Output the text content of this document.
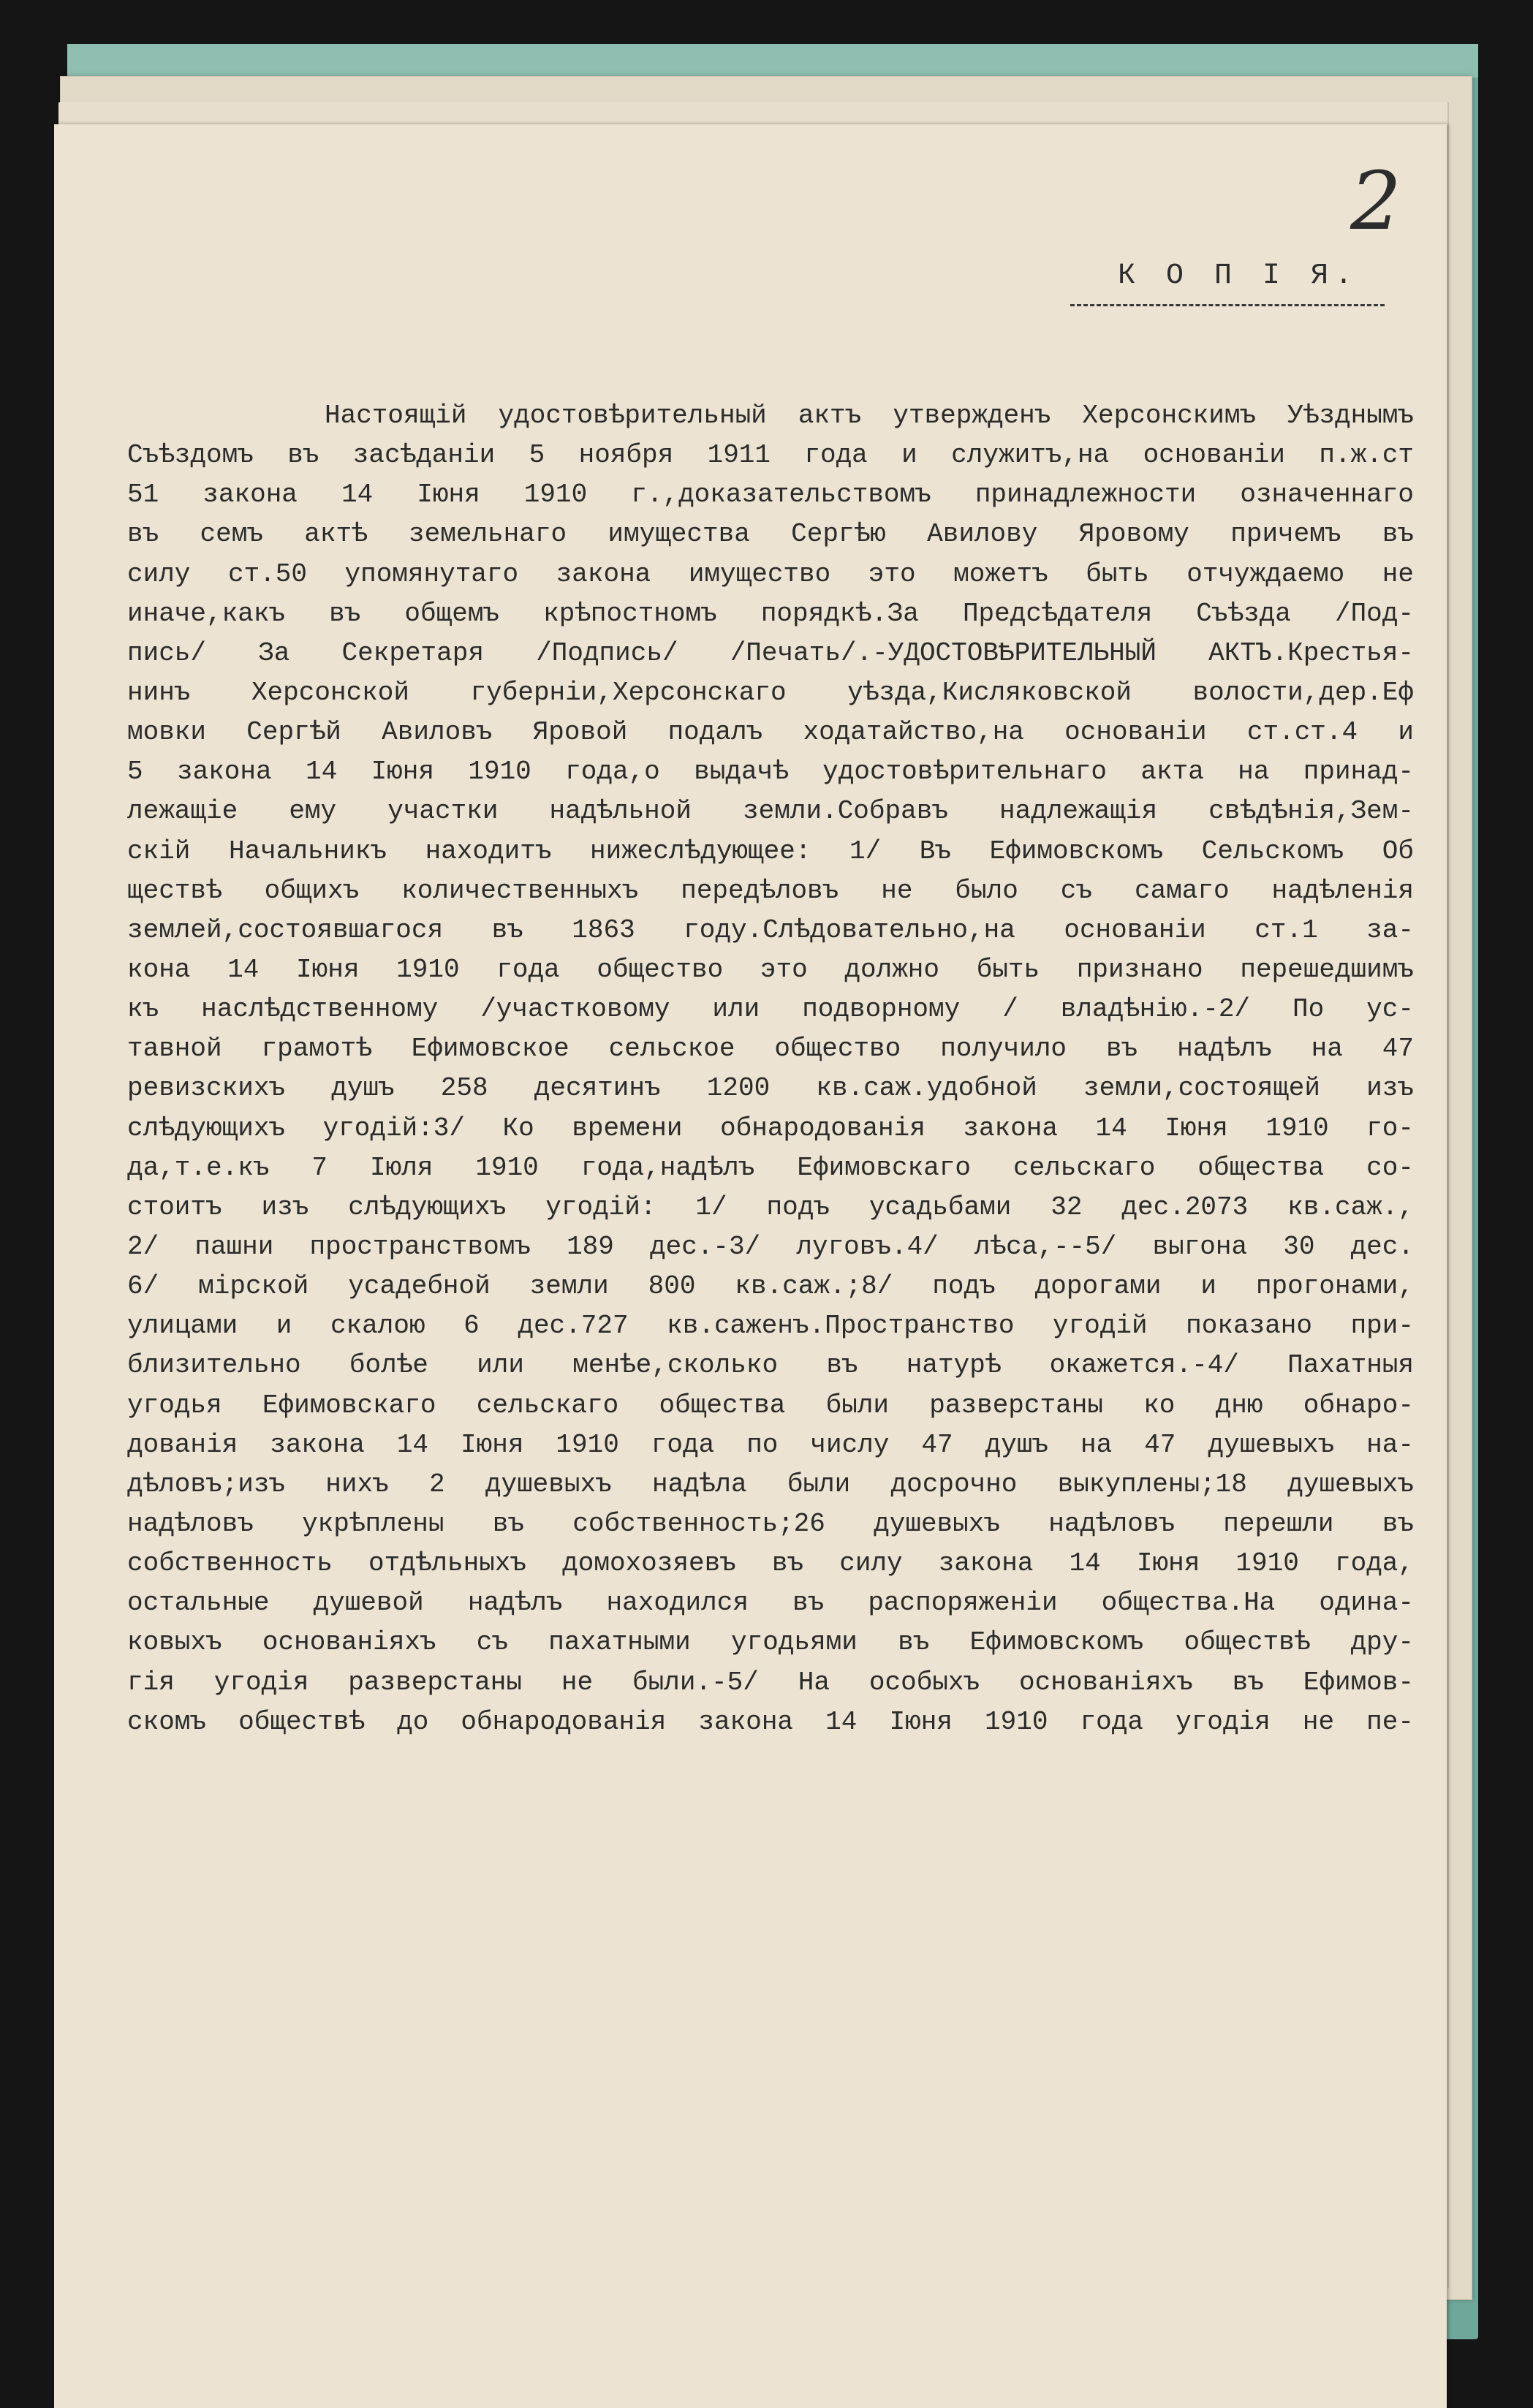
2
К О П І Я.
Настоящій удостовѣрительный актъ утвержденъ Херсонскимъ Уѣзднымъ
Съѣздомъ въ засѣданіи 5 ноября 1911 года и служитъ,на основаніи п.ж.ст
51 закона 14 Іюня 1910 г.,доказательствомъ принадлежности означеннаго
въ семъ актѣ земельнаго имущества Сергѣю Авилову Яровому причемъ въ
силу ст.50 упомянутаго закона имущество это можетъ быть отчуждаемо не
иначе,какъ въ общемъ крѣпостномъ порядкѣ.За Предсѣдателя Съѣзда /Под-
пись/ За Секретаря /Подпись/ /Печать/.-УДОСТОВѢРИТЕЛЬНЫЙ АКТЪ.Крестья-
нинъ Херсонской губерніи,Херсонскаго уѣзда,Кисляковской волости,дер.Еф
мовки Сергѣй Авиловъ Яровой подалъ ходатайство,на основаніи ст.ст.4 и
5 закона 14 Іюня 1910 года,о выдачѣ удостовѣрительнаго акта на принад-
лежащіе ему участки надѣльной земли.Собравъ надлежащія свѣдѣнія,Зем-
скій Начальникъ находитъ нижеслѣдующее: 1/ Въ Ефимовскомъ Сельскомъ Об
ществѣ общихъ количественныхъ передѣловъ не было съ самаго надѣленія
землей,состоявшагося въ 1863 году.Слѣдовательно,на основаніи ст.1 за-
кона 14 Іюня 1910 года общество это должно быть признано перешедшимъ
къ наслѣдственному /участковому или подворному / владѣнію.-2/ По ус-
тавной грамотѣ Ефимовское сельское общество получило въ надѣлъ на 47
ревизскихъ душъ 258 десятинъ 1200 кв.саж.удобной земли,состоящей изъ
слѣдующихъ угодій:3/ Ко времени обнародованія закона 14 Іюня 1910 го-
да,т.е.къ 7 Іюля 1910 года,надѣлъ Ефимовскаго сельскаго общества со-
стоитъ изъ слѣдующихъ угодій: 1/ подъ усадьбами 32 дес.2073 кв.саж.,
2/ пашни пространствомъ 189 дес.-3/ луговъ.4/ лѣса,--5/ выгона 30 дес.
6/ мірской усадебной земли 800 кв.саж.;8/ подъ дорогами и прогонами,
улицами и скалою 6 дес.727 кв.саженъ.Пространство угодій показано при-
близительно болѣе или менѣе,сколько въ натурѣ окажется.-4/ Пахатныя
угодья Ефимовскаго сельскаго общества были разверстаны ко дню обнаро-
дованія закона 14 Іюня 1910 года по числу 47 душъ на 47 душевыхъ на-
дѣловъ;изъ нихъ 2 душевыхъ надѣла были досрочно выкуплены;18 душевыхъ
надѣловъ укрѣплены въ собственность;26 душевыхъ надѣловъ перешли въ
собственность отдѣльныхъ домохозяевъ въ силу закона 14 Іюня 1910 года,
остальные душевой надѣлъ находился въ распоряженіи общества.На одина-
ковыхъ основаніяхъ съ пахатными угодьями въ Ефимовскомъ обществѣ дру-
гія угодія разверстаны не были.-5/ На особыхъ основаніяхъ въ Ефимов-
скомъ обществѣ до обнародованія закона 14 Іюня 1910 года угодія не пе-
